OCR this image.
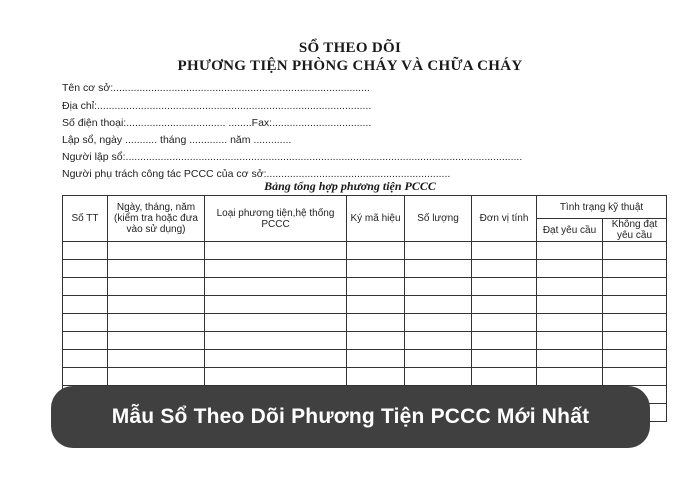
SỔ THEO DÕI
PHƯƠNG TIỆN PHÒNG CHÁY VÀ CHỮA CHÁY
Tên cơ sở:........................................................................................
Địa chỉ:..............................................................................................
Số điện thoại:.................................. ........Fax:..................................
Lập sổ, ngày ........... tháng ............. năm .............
Người lập sổ:........................................................................................................................................
Người phụ trách công tác PCCC của cơ sở:...............................................................
Bảng tổng hợp phương tiện PCCC
Số TT	Ngày, tháng, năm (kiểm tra hoặc đưa vào sử dụng)	Loại phương tiện,hệ thống PCCC	Ký mã hiệu	Số lượng	Đơn vị tính	Tình trạng kỹ thuật	
						Đạt yêu cầu	Không đạt yêu cầu

Mẫu Sổ Theo Dõi Phương Tiện PCCC Mới Nhất
